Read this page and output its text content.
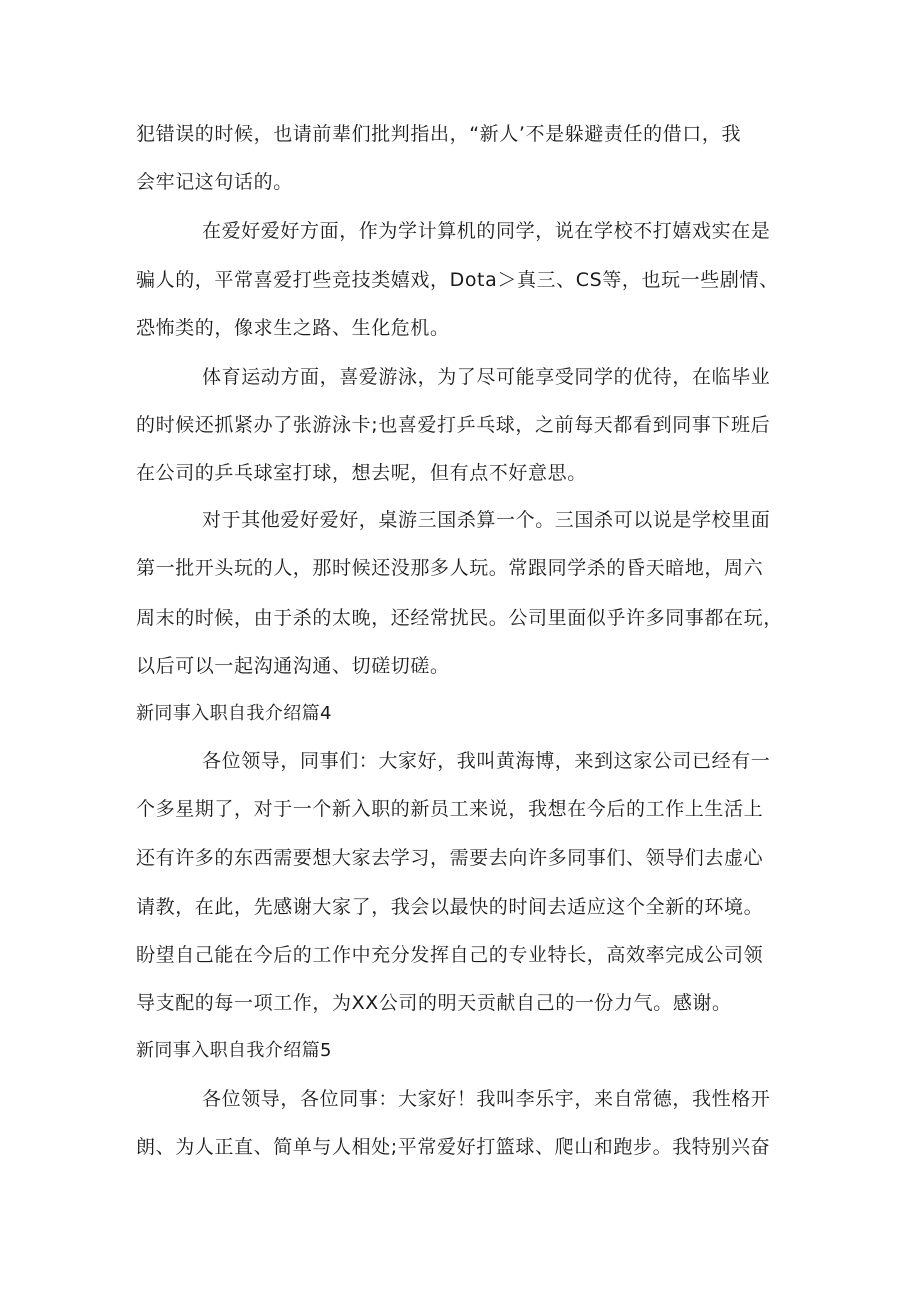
犯错误的时候，也请前辈们批判指出，“新人’不是躲避责任的借口，我
会牢记这句话的。
在爱好爱好方面，作为学计算机的同学，说在学校不打嬉戏实在是
骗人的，平常喜爱打些竞技类嬉戏，Dota＞真三、CS等，也玩一些剧情、
恐怖类的，像求生之路、生化危机。
体育运动方面，喜爱游泳，为了尽可能享受同学的优待，在临毕业
的时候还抓紧办了张游泳卡;也喜爱打乒乓球，之前每天都看到同事下班后
在公司的乒乓球室打球，想去呢，但有点不好意思。
对于其他爱好爱好，桌游三国杀算一个。三国杀可以说是学校里面
第一批开头玩的人，那时候还没那多人玩。常跟同学杀的昏天暗地，周六
周末的时候，由于杀的太晚，还经常扰民。公司里面似乎许多同事都在玩，
以后可以一起沟通沟通、切磋切磋。
新同事入职自我介绍篇4
各位领导，同事们：大家好，我叫黄海博，来到这家公司已经有一
个多星期了，对于一个新入职的新员工来说，我想在今后的工作上生活上
还有许多的东西需要想大家去学习，需要去向许多同事们、领导们去虚心
请教，在此，先感谢大家了，我会以最快的时间去适应这个全新的环境。
盼望自己能在今后的工作中充分发挥自己的专业特长，高效率完成公司领
导支配的每一项工作，为XX公司的明天贡献自己的一份力气。感谢。
新同事入职自我介绍篇5
各位领导，各位同事：大家好！我叫李乐宇，来自常德，我性格开
朗、为人正直、简单与人相处;平常爱好打篮球、爬山和跑步。我特别兴奋
